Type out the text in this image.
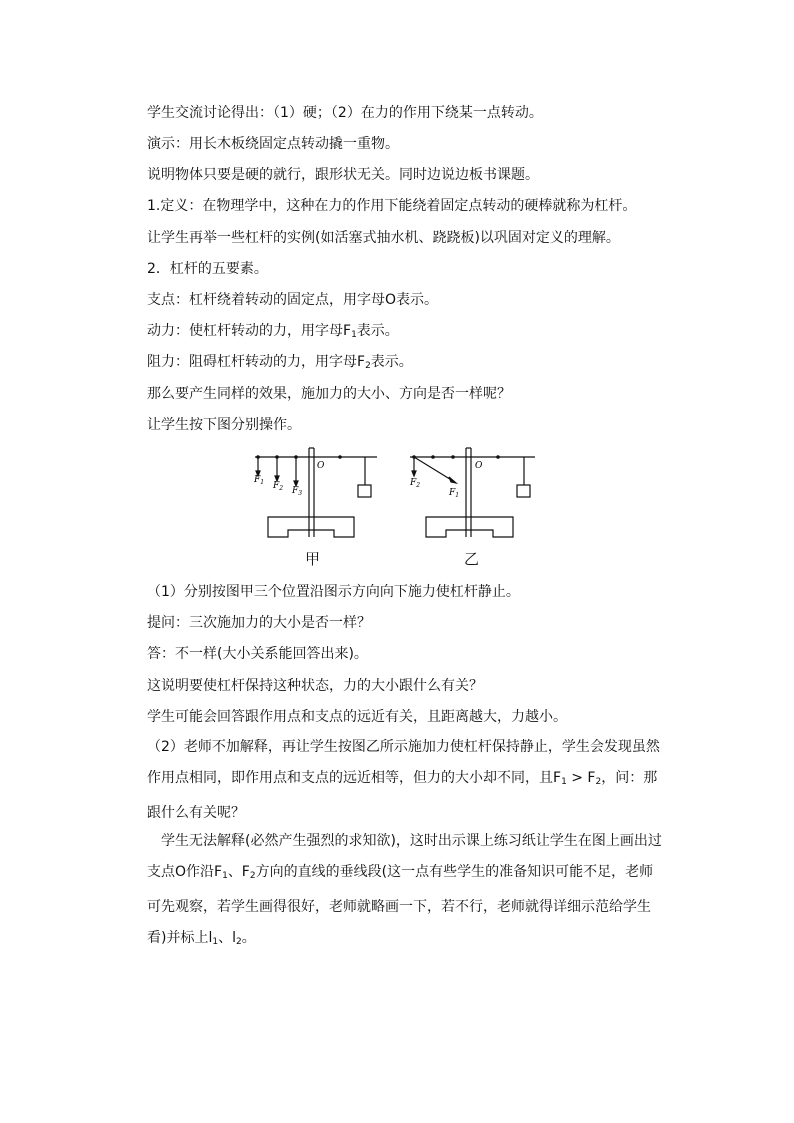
学生交流讨论得出：（1）硬；（2）在力的作用下绕某一点转动。
演示：用长木板绕固定点转动撬一重物。
说明物体只要是硬的就行，跟形状无关。同时边说边板书课题。
1.定义：在物理学中，这种在力的作用下能绕着固定点转动的硬棒就称为杠杆。
让学生再举一些杠杆的实例(如活塞式抽水机、跷跷板)以巩固对定义的理解。
2．杠杆的五要素。
支点：杠杆绕着转动的固定点，用字母O表示。
动力：使杠杆转动的力，用字母$F_1$表示。
阻力：阻碍杠杆转动的力，用字母$F_2$表示。
那么要产生同样的效果，施加力的大小、方向是否一样呢？
让学生按下图分别操作。
O
$F_1$ $F_2$ $F_3$
O
$F_2$
$F_1$
甲	乙
（1）分别按图甲三个位置沿图示方向向下施力使杠杆静止。
提问：三次施加力的大小是否一样？
答：不一样(大小关系能回答出来)。
这说明要使杠杆保持这种状态，力的大小跟什么有关？
学生可能会回答跟作用点和支点的远近有关，且距离越大，力越小。
（2）老师不加解释，再让学生按图乙所示施加力使杠杆保持静止，学生会发现虽然作用点相同，即作用点和支点的远近相等，但力的大小却不同，且$F_1 > F_2$，问：那跟什么有关呢？
学生无法解释(必然产生强烈的求知欲)，这时出示课上练习纸让学生在图上画出过支点O作沿$F_1$、$F_2$方向的直线的垂线段(这一点有些学生的准备知识可能不足，老师可先观察，若学生画得很好，老师就略画一下，若不行，老师就得详细示范给学生看)并标上$l_1$、$l_2$。
